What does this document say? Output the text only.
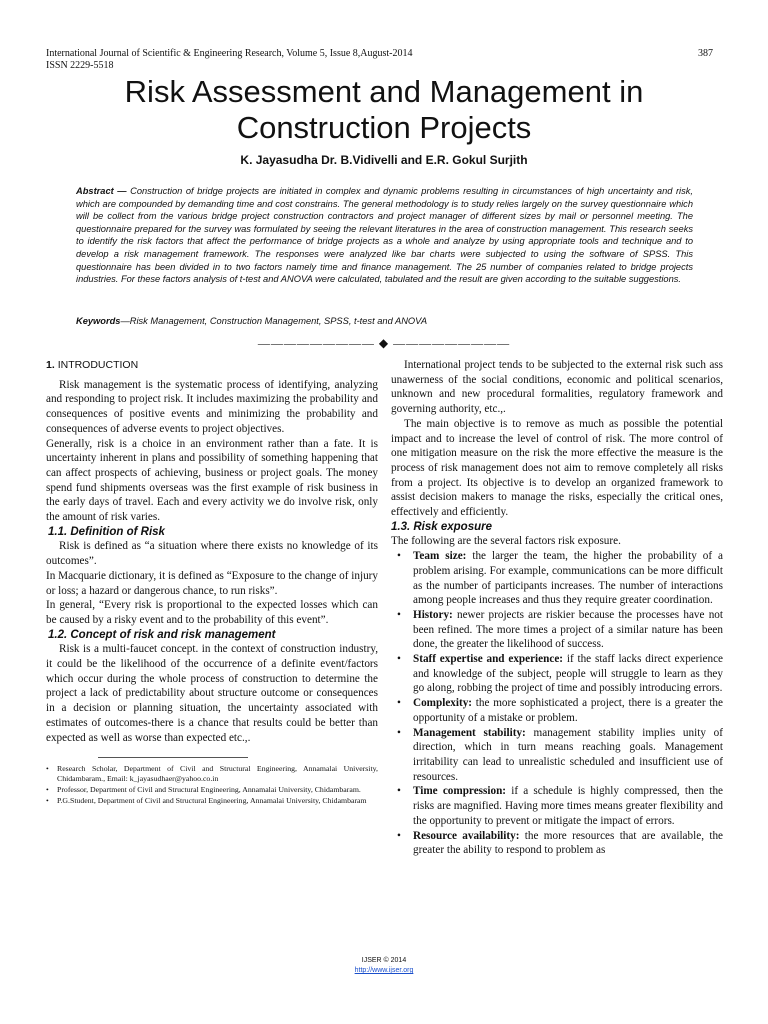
International Journal of Scientific & Engineering Research, Volume 5, Issue 8,August-2014
ISSN 2229-5518
387
Risk Assessment and Management in
Construction Projects
K. Jayasudha Dr. B.Vidivelli and E.R. Gokul Surjith
Abstract — Construction of bridge projects are initiated in complex and dynamic problems resulting in circumstances of high uncertainty and risk, which are compounded by demanding time and cost constrains. The general methodology is to study relies largely on the survey questionnaire which will be collect from the various bridge project construction contractors and project manager of different sizes by mail or personnel meeting. The questionnaire prepared for the survey was formulated by seeing the relevant literatures in the area of construction management. This research seeks to identify the risk factors that affect the performance of bridge projects as a whole and analyze by using appropriate tools and technique and to develop a risk management framework. The responses were analyzed like bar charts were subjected to using the software of SPSS. This questionnaire has been divided in to two factors namely time and finance management. The 25 number of companies related to bridge projects industries. For these factors analysis of t-test and ANOVA were calculated, tabulated and the result are given according to the suitable suggestions.
Keywords—Risk Management, Construction Management, SPSS, t-test and ANOVA
————————— ◆ —————————

1. INTRODUCTION

Risk management is the systematic process of identifying, analyzing and responding to project risk. It includes maximizing the probability and consequences of positive events and minimizing the probability and consequences of adverse events to project objectives.

Generally, risk is a choice in an environment rather than a fate. It is uncertainty inherent in plans and possibility of something happening that can affect prospects of achieving, business or project goals. The money spend fund shipments overseas was the first example of risk business in the early days of travel. Each and every activity we do involve risk, only the amount of risk varies.

1.1. Definition of Risk

Risk is defined as “a situation where there exists no knowledge of its outcomes”.

In Macquarie dictionary, it is defined as “Exposure to the change of injury or loss; a hazard or dangerous chance, to run risks”.

In general, “Every risk is proportional to the expected losses which can be caused by a risky event and to the probability of this event”.

1.2. Concept of risk and risk management

Risk is a multi-faucet concept. in the context of construction industry, it could be the likelihood of the occurrence of a definite event/factors which occur during the whole process of construction to determine the project a lack of predictability about structure outcome or consequences in a decision or planning situation, the uncertainty associated with estimates of outcomes-there is a chance that results could be better than expected as well as worse than expected etc.,.

• Research Scholar, Department of Civil and Structural Engineering, Annamalai University, Chidambaram., Email: k_jayasudhaer@yahoo.co.in
• Professor, Department of Civil and Structural Engineering, Annamalai University, Chidambaram.
• P.G.Student, Department of Civil and Structural Engineering, Annamalai University, Chidambaram

International project tends to be subjected to the external risk such ass unawerness of the social conditions, economic and political scenarios, unknown and new procedural formalities, regulatory framework and governing authority, etc.,.

The main objective is to remove as much as possible the potential impact and to increase the level of control of risk. The more control of one mitigation measure on the risk the more effective the measure is the process of risk management does not aim to remove completely all risks from a project. Its objective is to develop an organized framework to assist decision makers to manage the risks, especially the critical ones, effectively and efficiently.

1.3. Risk exposure

The following are the several factors risk exposure.

• Team size: the larger the team, the higher the probability of a problem arising. For example, communications can be more difficult as the number of participants increases. The number of interactions among people increases and thus they require greater coordination.
• History: newer projects are riskier because the processes have not been refined. The more times a project of a similar nature has been done, the greater the likelihood of success.
• Staff expertise and experience: if the staff lacks direct experience and knowledge of the subject, people will struggle to learn as they go along, robbing the project of time and possibly introducing errors.
• Complexity: the more sophisticated a project, there is a greater the opportunity of a mistake or problem.
• Management stability: management stability implies unity of direction, which in turn means reaching goals. Management irritability can lead to unrealistic scheduled and insufficient use of resources.
• Time compression: if a schedule is highly compressed, then the risks are magnified. Having more times means greater flexibility and the opportunity to prevent or mitigate the impact of errors.
• Resource availability: the more resources that are available, the greater the ability to respond to problem as
IJSER © 2014
http://www.ijser.org
